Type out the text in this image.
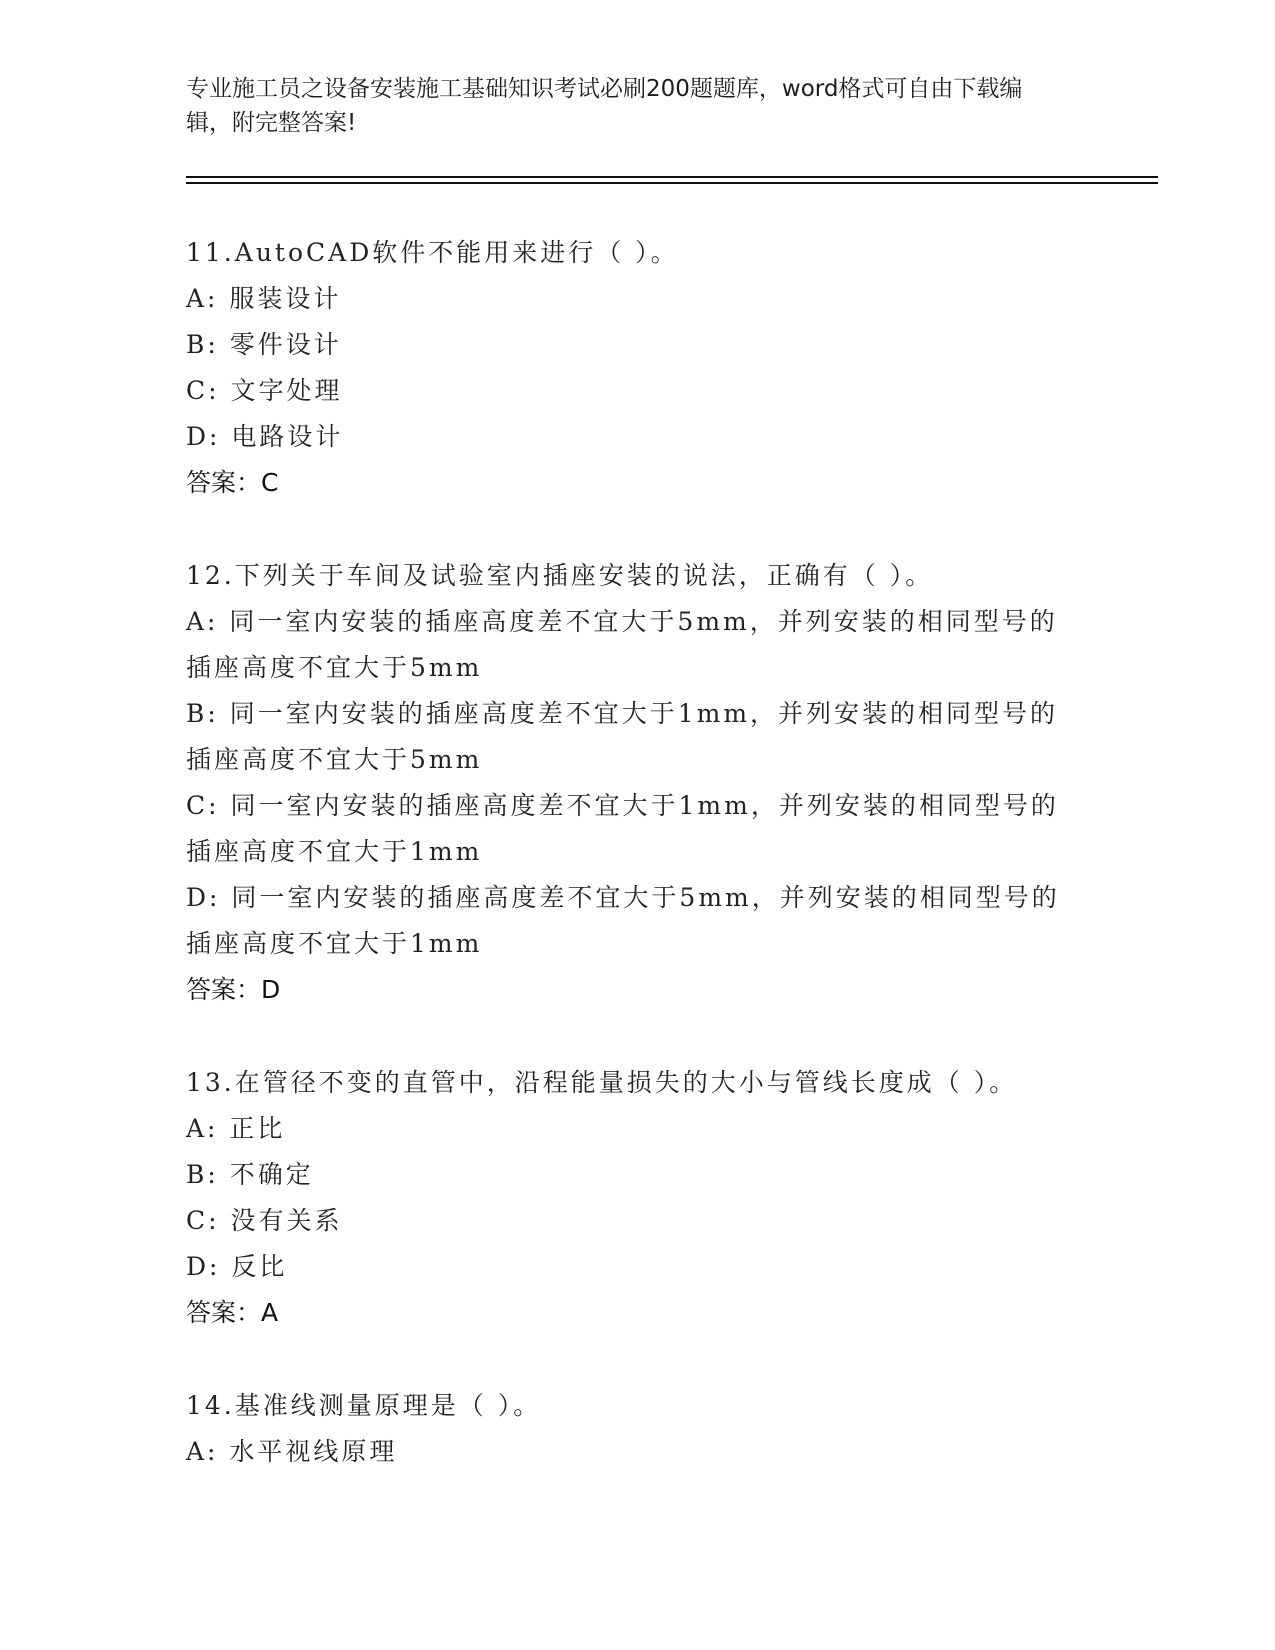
专业施工员之设备安装施工基础知识考试必刷200题题库，word格式可自由下载编辑，附完整答案!
11.AutoCAD软件不能用来进行（ ）。
A: 服装设计
B: 零件设计
C: 文字处理
D: 电路设计
答案：C
12.下列关于车间及试验室内插座安装的说法，正确有（ ）。
A: 同一室内安装的插座高度差不宜大于5mm，并列安装的相同型号的
插座高度不宜大于5mm
B: 同一室内安装的插座高度差不宜大于1mm，并列安装的相同型号的
插座高度不宜大于5mm
C: 同一室内安装的插座高度差不宜大于1mm，并列安装的相同型号的
插座高度不宜大于1mm
D: 同一室内安装的插座高度差不宜大于5mm，并列安装的相同型号的
插座高度不宜大于1mm
答案：D
13.在管径不变的直管中，沿程能量损失的大小与管线长度成（ ）。
A: 正比
B: 不确定
C: 没有关系
D: 反比
答案：A
14.基准线测量原理是（ ）。
A: 水平视线原理
